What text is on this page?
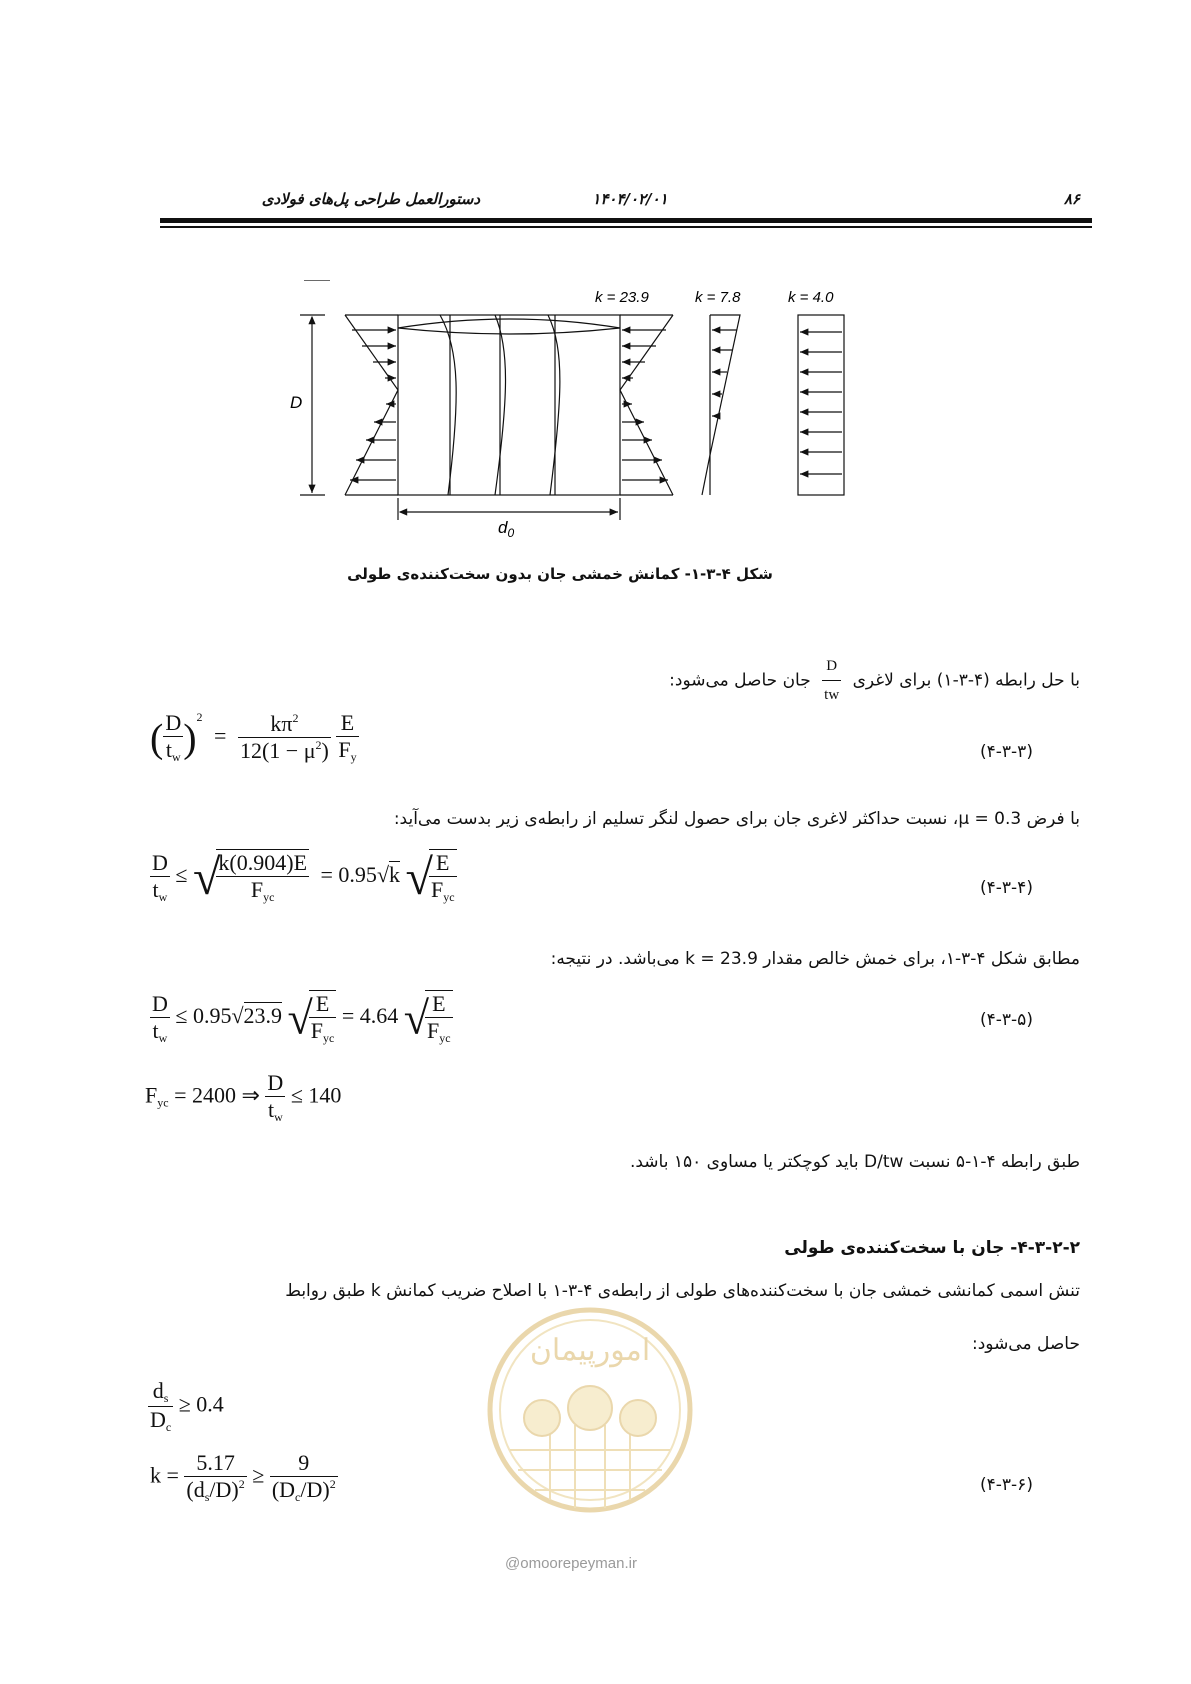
۸۶
۱۴۰۴/۰۲/۰۱
دستورالعمل طراحی پل‌های فولادی
D
$d_0$
k = 23.9	k = 7.8	k = 4.0
شکل ۴-۳-۱- کمانش خمشی جان بدون سخت‌کننده‌ی طولی
با حل رابطه (۴-۳-۱) برای لاغری
$\frac{D}{tw}$
جان حاصل می‌شود:
( $\frac{D}{t_w} )^2 = \frac{k\pi^2}{12(1 - \mu^2)}$
$\frac{E}{F_y}$	(۴-۳-۳)
با فرض μ = 0.3، نسبت حداکثر لاغری جان برای حصول لنگر تسلیم از رابطه‌ی زیر بدست می‌آید:
$\frac{D}{t_w}$ ≤ √
$\frac{k(0.904)E}{F_{yc}} = 0.95√k$ √
$\frac{E}{F_{yc}}$	(۴-۳-۴)
مطابق شکل ۴-۳-۱، برای خمش خالص مقدار k = 23.9 می‌باشد. در نتیجه:
$\frac{D}{t_w} \le 0.95√23.9$ √
$\frac{E}{F_{yc}} = 4.64$ √
$\frac{E}{F_{yc}}$	(۴-۳-۵)
$F_{yc} = 2400$ ⇒ $\frac{D}{t_w} \le 140$
طبق رابطه ۴-۱-۵ نسبت D/tw باید کوچکتر یا مساوی ۱۵۰ باشد.
۴-۳-۲-۲- جان با سخت‌کننده‌ی طولی
تنش اسمی کمانشی خمشی جان با سخت‌کننده‌های طولی از رابطه‌ی ۴-۳-۱ با اصلاح ضریب کمانش k طبق روابط
حاصل می‌شود:
$\frac{d_s}{D_c} \ge 0.4$
$k = \frac{5.17}{(d_s/D)^2} \ge \frac{9}{(D_c/D)^2}$	(۴-۳-۶)
امورپیمان
@omoorepeyman.ir
